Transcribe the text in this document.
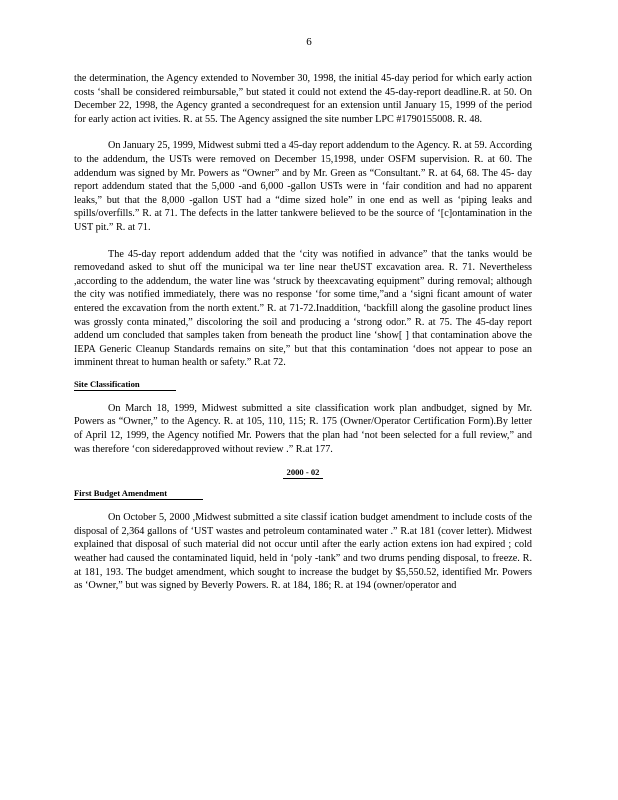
6

the determination, the Agency extended to November 30, 1998, the initial 45-day period for which early action costs ‘shall be considered reimbursable,” but stated it could not extend the 45-day-report deadline.R. at 50. On December 22, 1998, the Agency granted a secondrequest for an extension until January 15, 1999 of the period for early action act ivities. R. at 55. The Agency assigned the site number LPC #1790155008. R. 48.

On January 25, 1999, Midwest submi tted a 45-day report addendum to the Agency. R. at 59. According to the addendum, the USTs were removed on December 15,1998, under OSFM supervision. R. at 60. The addendum was signed by Mr. Powers as “Owner” and by Mr. Green as “Consultant.” R. at 64, 68. The 45- day report addendum stated that the 5,000 -and 6,000 -gallon USTs were in ‘fair condition and had no apparent leaks,” but that the 8,000 -gallon UST had a “dime sized hole” in one end as well as ‘piping leaks and spills/overfills.” R. at 71. The defects in the latter tankwere believed to be the source of ‘[c]ontamination in the UST pit.” R. at 71.

The 45-day report addendum added that the ‘city was notified in advance” that the tanks would be removedand asked to shut off the municipal wa ter line near theUST excavation area. R. 71. Nevertheless ,according to the addendum, the water line was ‘struck by theexcavating equipment” during removal; although the city was notified immediately, there was no response ‘for some time,”and a ‘signi ficant amount of water entered the excavation from the north extent.” R. at 71-72.Inaddition, ‘backfill along the gasoline product lines was grossly conta minated,” discoloring the soil and producing a ‘strong odor.” R. at 75. The 45-day report addend um concluded that samples taken from beneath the product line ‘show[ ] that contamination above the IEPA Generic Cleanup Standards remains on site,” but that this contamination ‘does not appear to pose an imminent threat to human health or safety.” R.at 72.

Site Classification

On March 18, 1999, Midwest submitted a site classification work plan andbudget, signed by Mr. Powers as “Owner,” to the Agency. R. at 105, 110, 115; R. 175 (Owner/Operator Certification Form).By letter of April 12, 1999, the Agency notified Mr. Powers that the plan had ‘not been selected for a full review,” and was therefore ‘con sideredapproved without review .” R.at 177.

2000 - 02
First Budget Amendment

On October 5, 2000 ,Midwest submitted a site classif ication budget amendment to include costs of the disposal of 2,364 gallons of ‘UST wastes and petroleum contaminated water .” R.at 181 (cover letter). Midwest explained that disposal of such material did not occur until after the early action extens ion had expired ; cold weather had caused the contaminated liquid, held in ‘poly -tank” and two drums pending disposal, to freeze. R. at 181, 193. The budget amendment, which sought to increase the budget by $5,550.52, identified Mr. Powers as ‘Owner,” but was signed by Beverly Powers. R. at 184, 186; R. at 194 (owner/operator and
